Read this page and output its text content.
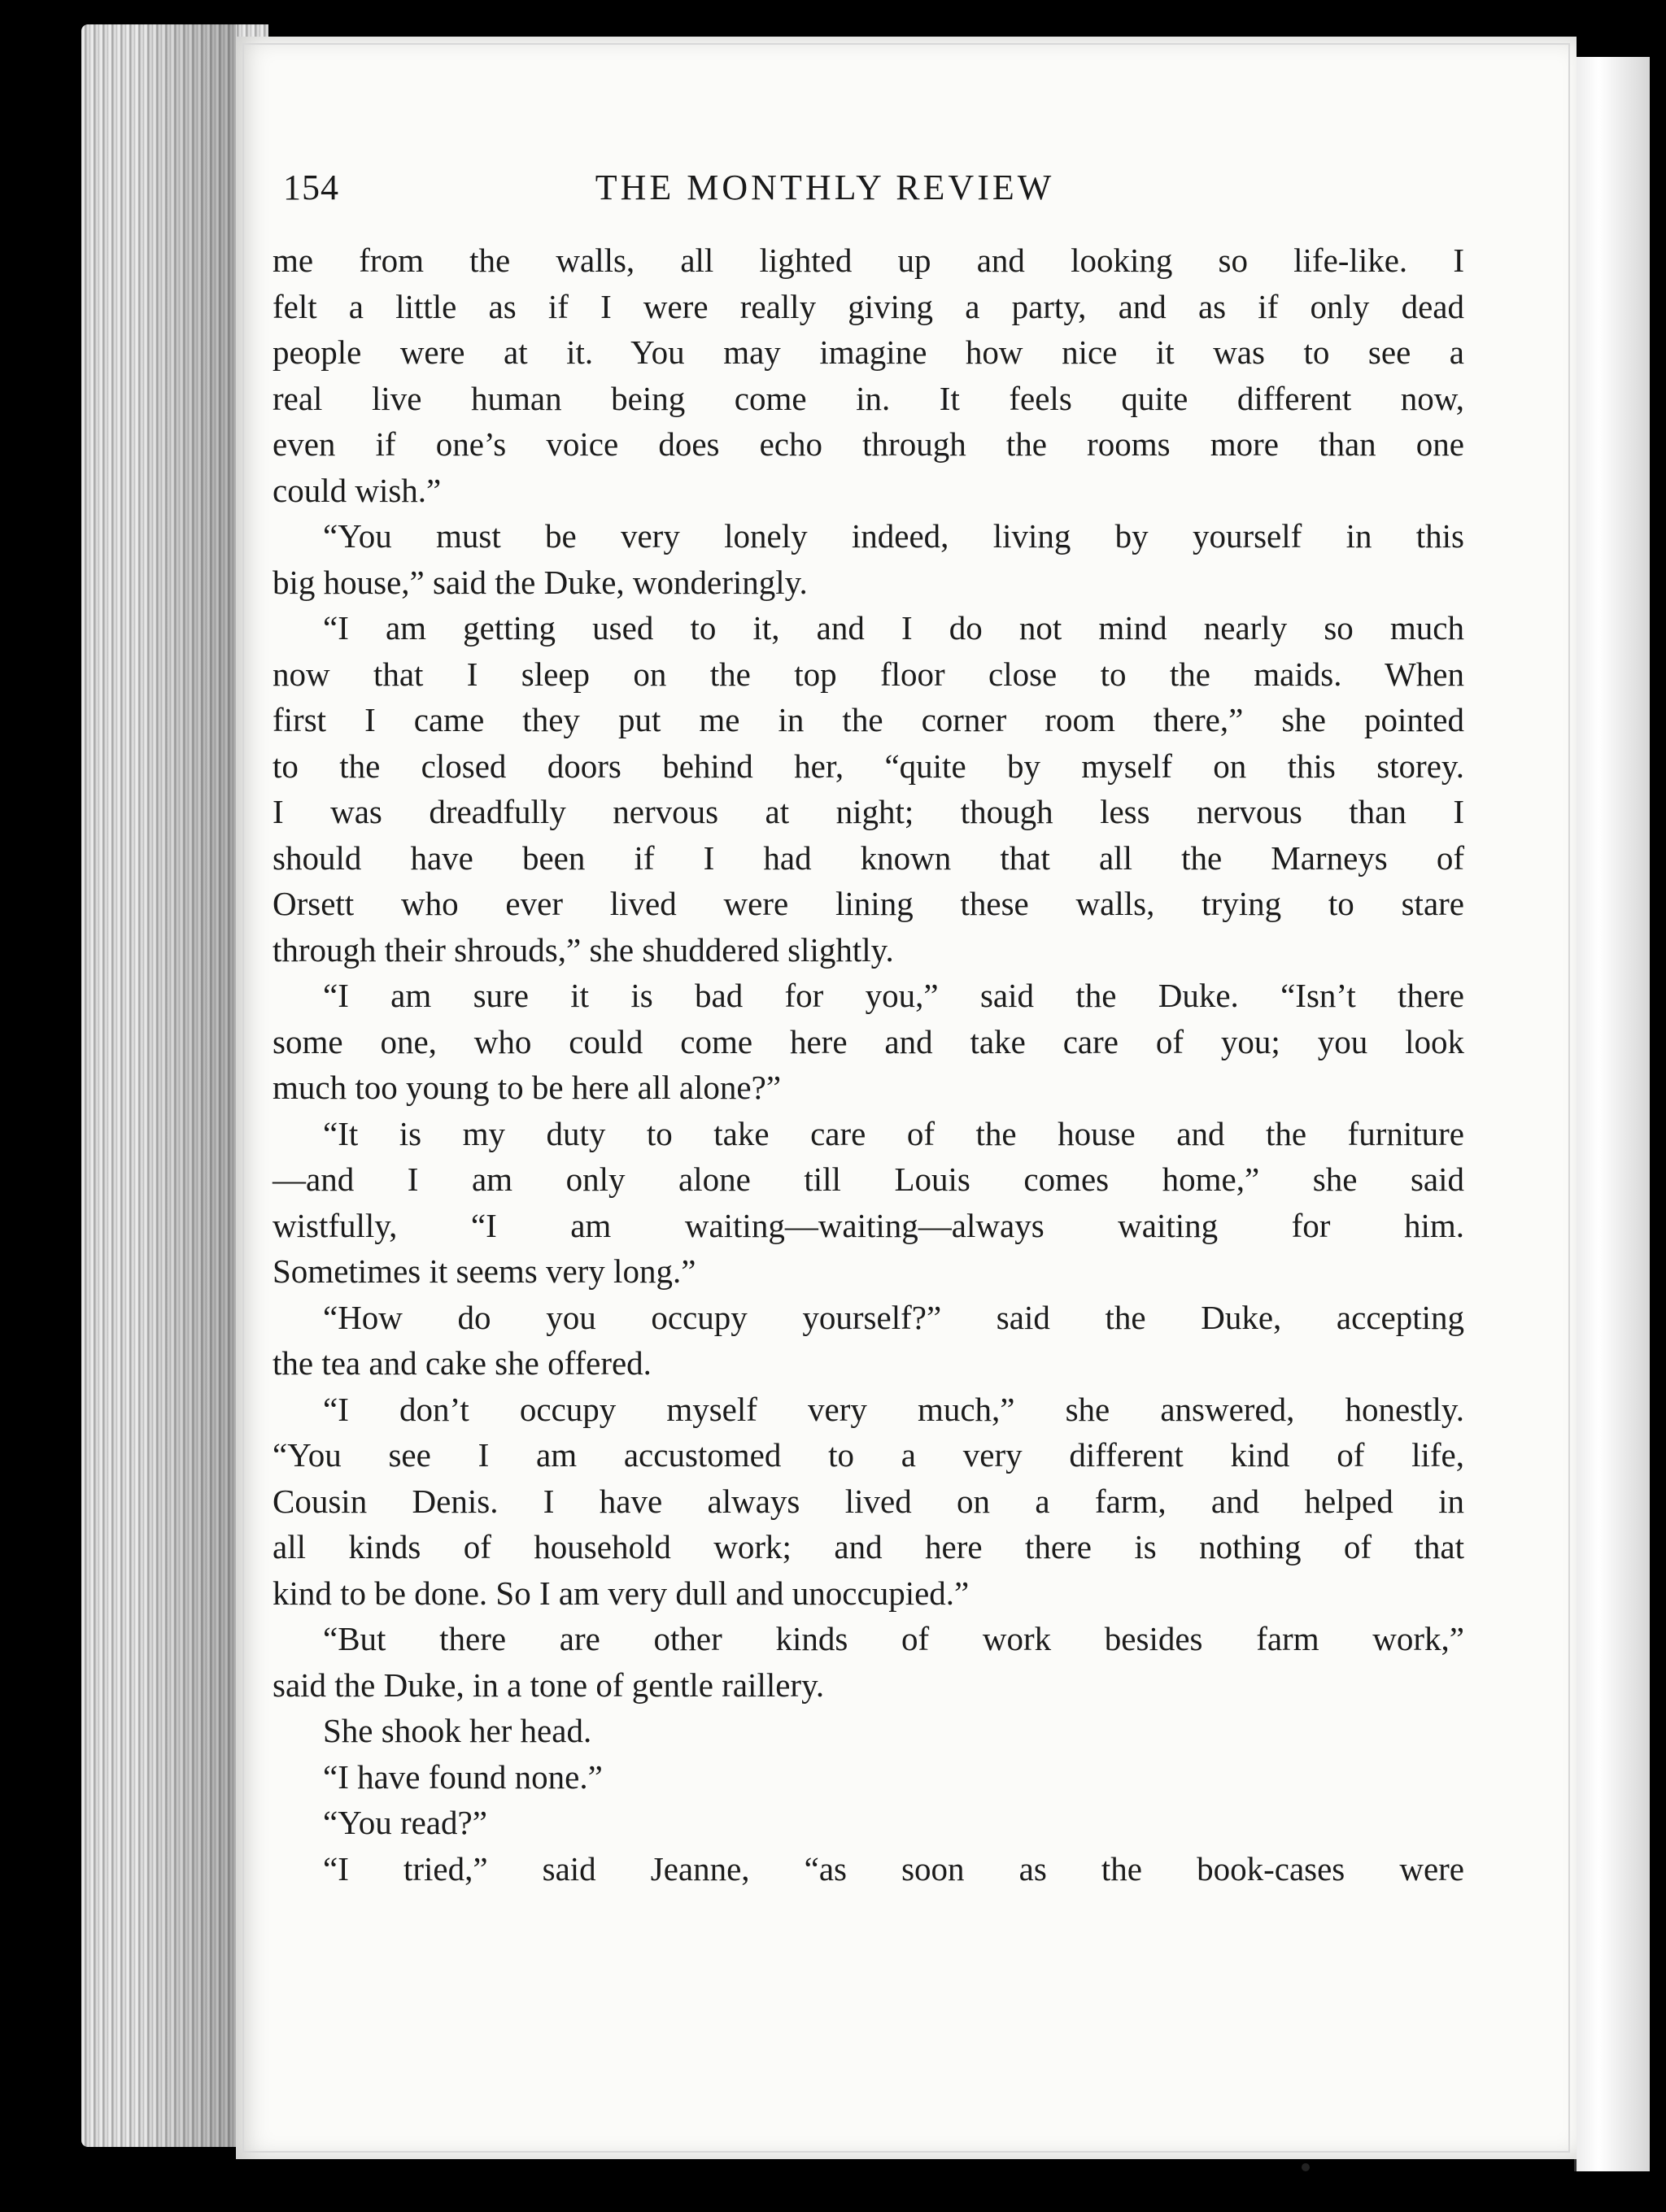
154	THE MONTHLY REVIEW

me from the walls, all lighted up and looking so life-like. I
felt a little as if I were really giving a party, and as if only dead
people were at it. You may imagine how nice it was to see a
real live human being come in. It feels quite different now,
even if one’s voice does echo through the rooms more than one
could wish.”

“You must be very lonely indeed, living by yourself in this
big house,” said the Duke, wonderingly.

“I am getting used to it, and I do not mind nearly so much
now that I sleep on the top floor close to the maids. When
first I came they put me in the corner room there,” she pointed
to the closed doors behind her, “quite by myself on this storey.
I was dreadfully nervous at night; though less nervous than I
should have been if I had known that all the Marneys of
Orsett who ever lived were lining these walls, trying to stare
through their shrouds,” she shuddered slightly.

“I am sure it is bad for you,” said the Duke. “Isn’t there
some one, who could come here and take care of you; you look
much too young to be here all alone?”

“It is my duty to take care of the house and the furniture
—and I am only alone till Louis comes home,” she said
wistfully, “I am waiting—waiting—always waiting for him.
Sometimes it seems very long.”

“How do you occupy yourself?” said the Duke, accepting
the tea and cake she offered.

“I don’t occupy myself very much,” she answered, honestly.
“You see I am accustomed to a very different kind of life,
Cousin Denis. I have always lived on a farm, and helped in
all kinds of household work; and here there is nothing of that
kind to be done. So I am very dull and unoccupied.”

“But there are other kinds of work besides farm work,”
said the Duke, in a tone of gentle raillery.

She shook her head.

“I have found none.”

“You read?”

“I tried,” said Jeanne, “as soon as the book-cases were
